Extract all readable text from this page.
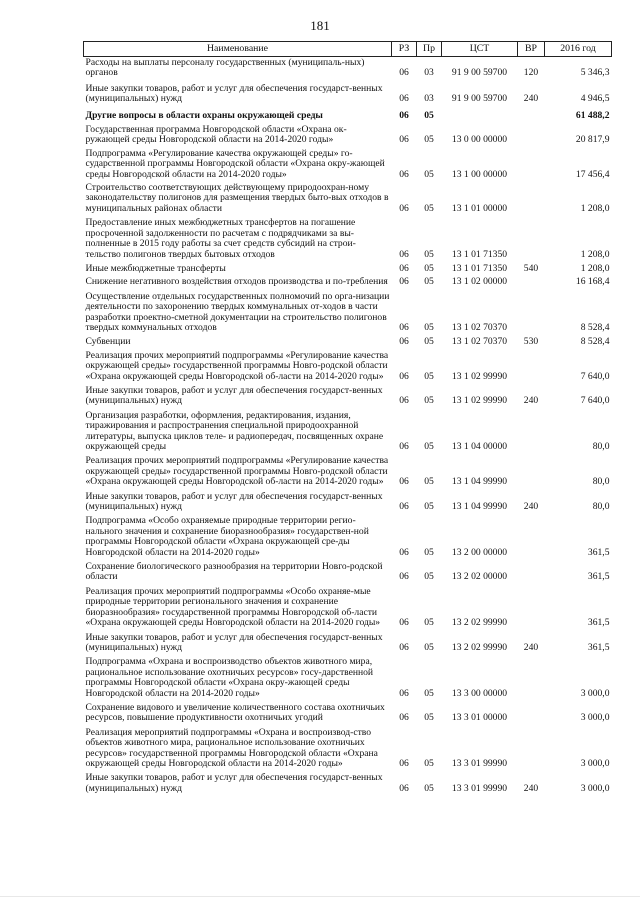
181
Наименование	РЗ	Пр	ЦСТ	ВР	2016 год
Расходы на выплаты персоналу государственных (муниципаль-ных) органов	06	03	91 9 00 59700	120	5 346,3
Иные закупки товаров, работ и услуг для обеспечения государст-венных (муниципальных) нужд	06	03	91 9 00 59700	240	4 946,5
Другие вопросы в области охраны окружающей среды	06	05			61 488,2
Государственная программа Новгородской области «Охрана ок-ружающей среды Новгородской области на 2014-2020 годы»	06	05	13 0 00 00000		20 817,9
Подпрограмма «Регулирование качества окружающей среды» го-сударственной программы Новгородской области «Охрана окру-жающей среды Новгородской области на 2014-2020 годы»	06	05	13 1 00 00000		17 456,4
Строительство соответствующих действующему природоохран-ному законодательству полигонов для размещения твердых быто-вых отходов в муниципальных районах области	06	05	13 1 01 00000		1 208,0
Предоставление иных межбюджетных трансфертов на погашение просроченной задолженности по расчетам с подрядчиками за вы-полненные в 2015 году работы за счет средств субсидий на строи-тельство полигонов твердых бытовых отходов	06	05	13 1 01 71350		1 208,0
Иные межбюджетные трансферты	06	05	13 1 01 71350	540	1 208,0
Снижение негативного воздействия отходов производства и по-требления	06	05	13 1 02 00000		16 168,4
Осуществление отдельных государственных полномочий по орга-низации деятельности по захоронению твердых коммунальных от-ходов в части разработки проектно-сметной документации на строительство полигонов твердых коммунальных отходов	06	05	13 1 02 70370		8 528,4
Субвенции	06	05	13 1 02 70370	530	8 528,4
Реализация прочих мероприятий подпрограммы «Регулирование качества окружающей среды» государственной программы Новго-родской области «Охрана окружающей среды Новгородской об-ласти на 2014-2020 годы»	06	05	13 1 02 99990		7 640,0
Иные закупки товаров, работ и услуг для обеспечения государст-венных (муниципальных) нужд	06	05	13 1 02 99990	240	7 640,0
Организация разработки, оформления, редактирования, издания, тиражирования и распространения специальной природоохранной литературы, выпуска циклов теле- и радиопередач, посвященных охране окружающей среды	06	05	13 1 04 00000		80,0
Реализация прочих мероприятий подпрограммы «Регулирование качества окружающей среды» государственной программы Новго-родской области «Охрана окружающей среды Новгородской об-ласти на 2014-2020 годы»	06	05	13 1 04 99990		80,0
Иные закупки товаров, работ и услуг для обеспечения государст-венных (муниципальных) нужд	06	05	13 1 04 99990	240	80,0
Подпрограмма «Особо охраняемые природные территории регио-нального значения и сохранение биоразнообразия» государствен-ной программы Новгородской области «Охрана окружающей сре-ды Новгородской области на 2014-2020 годы»	06	05	13 2 00 00000		361,5
Сохранение биологического разнообразия на территории Новго-родской области	06	05	13 2 02 00000		361,5
Реализация прочих мероприятий подпрограммы «Особо охраняе-мые природные территории регионального значения и сохранение биоразнообразия» государственной программы Новгородской об-ласти «Охрана окружающей среды Новгородской области на 2014-2020 годы»	06	05	13 2 02 99990		361,5
Иные закупки товаров, работ и услуг для обеспечения государст-венных (муниципальных) нужд	06	05	13 2 02 99990	240	361,5
Подпрограмма «Охрана и воспроизводство объектов животного мира, рациональное использование охотничьих ресурсов» госу-дарственной программы Новгородской области «Охрана окру-жающей среды Новгородской области на 2014-2020 годы»	06	05	13 3 00 00000		3 000,0
Сохранение видового и увеличение количественного состава охотничьих ресурсов, повышение продуктивности охотничьих угодий	06	05	13 3 01 00000		3 000,0
Реализация мероприятий подпрограммы «Охрана и воспроизвод-ство объектов животного мира, рациональное использование охотничьих ресурсов» государственной программы Новгородской области «Охрана окружающей среды Новгородской области на 2014-2020 годы»	06	05	13 3 01 99990		3 000,0
Иные закупки товаров, работ и услуг для обеспечения государст-венных (муниципальных) нужд	06	05	13 3 01 99990	240	3 000,0
